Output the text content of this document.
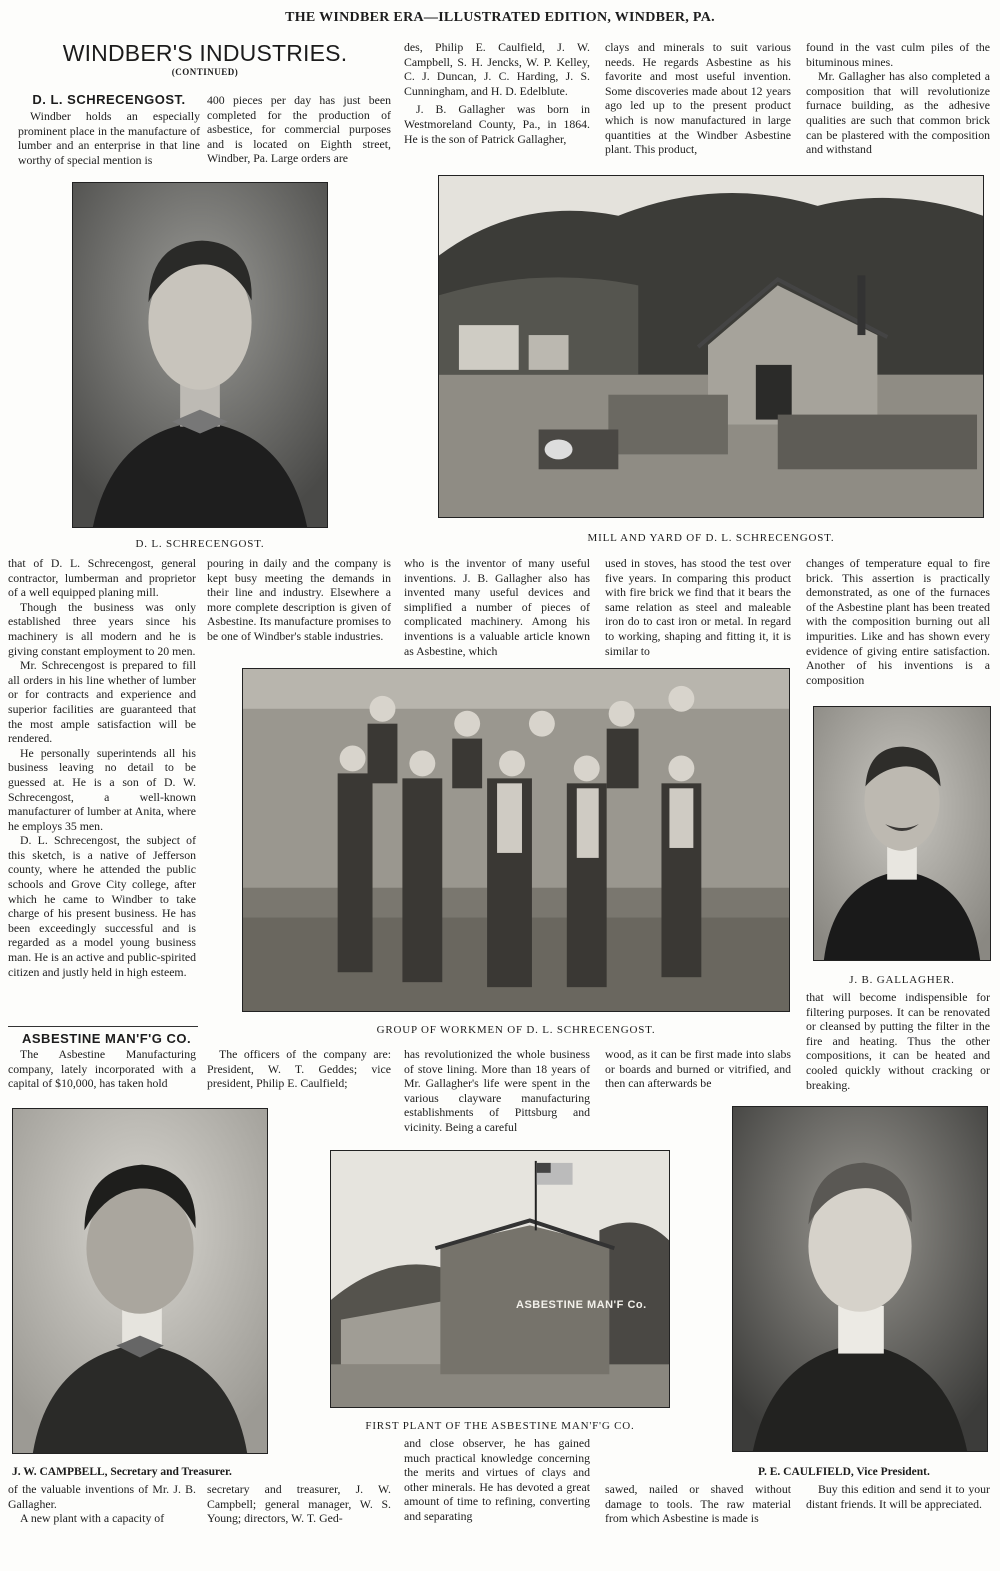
THE WINDBER ERA—ILLUSTRATED EDITION, WINDBER, PA.
WINDBER'S INDUSTRIES.
(CONTINUED)
D. L. SCHRECENGOST.

Windber holds an especially prominent place in the manufacture of lumber and an enterprise in that line worthy of special mention is

400 pieces per day has just been completed for the production of asbestice, for commercial purposes and is located on Eighth street, Windber, Pa. Large orders are

des, Philip E. Caulfield, J. W. Campbell, S. H. Jencks, W. P. Kelley, C. J. Duncan, J. C. Harding, J. S. Cunningham, and H. D. Edelblute.

J. B. Gallagher was born in Westmoreland County, Pa., in 1864. He is the son of Patrick Gallagher,

clays and minerals to suit various needs. He regards Asbestine as his favorite and most useful invention. Some discoveries made about 12 years ago led up to the present product which is now manufactured in large quantities at the Windber Asbestine plant. This product,

found in the vast culm piles of the bituminous mines.

Mr. Gallagher has also completed a composition that will revolutionize furnace building, as the adhesive qualities are such that common brick can be plastered with the composition and withstand

D. L. SCHRECENGOST.	MILL AND YARD OF D. L. SCHRECENGOST.

that of D. L. Schrecengost, general contractor, lumberman and proprietor of a well equipped planing mill.

Though the business was only established three years since his machinery is all modern and he is giving constant employment to 20 men.

Mr. Schrecengost is prepared to fill all orders in his line whether of lumber or for contracts and experience and superior facilities are guaranteed that the most ample satisfaction will be rendered.

He personally superintends all his business leaving no detail to be guessed at. He is a son of D. W. Schrecengost, a well-known manufacturer of lumber at Anita, where he employs 35 men.

D. L. Schrecengost, the subject of this sketch, is a native of Jefferson county, where he attended the public schools and Grove City college, after which he came to Windber to take charge of his present business. He has been exceedingly successful and is regarded as a model young business man. He is an active and public-spirited citizen and justly held in high esteem.

pouring in daily and the company is kept busy meeting the demands in their line and industry. Elsewhere a more complete description is given of Asbestine. Its manufacture promises to be one of Windber's stable industries.

who is the inventor of many useful inventions. J. B. Gallagher also has invented many useful devices and simplified a number of pieces of complicated machinery. Among his inventions is a valuable article known as Asbestine, which

used in stoves, has stood the test over five years. In comparing this product with fire brick we find that it bears the same relation as steel and maleable iron do to cast iron or metal. In regard to working, shaping and fitting it, it is similar to

changes of temperature equal to fire brick. This assertion is practically demonstrated, as one of the furnaces of the Asbestine plant has been treated with the composition burning out all impurities. Like and has shown every evidence of giving entire satisfaction. Another of his inventions is a composition

GROUP OF WORKMEN OF D. L. SCHRECENGOST.
J. B. GALLAGHER.

that will become indispensible for filtering purposes. It can be renovated or cleansed by putting the filter in the fire and heating. Thus the other compositions, it can be heated and cooled quickly without cracking or breaking.

ASBESTINE MAN'F'G CO.

The Asbestine Manufacturing company, lately incorporated with a capital of $10,000, has taken hold

The officers of the company are: President, W. T. Geddes; vice president, Philip E. Caulfield;

has revolutionized the whole business of stove lining. More than 18 years of Mr. Gallagher's life were spent in the various clayware manufacturing establishments of Pittsburg and vicinity. Being a careful

wood, as it can be first made into slabs or boards and burned or vitrified, and then can afterwards be

J. W. CAMPBELL, Secretary and Treasurer.

of the valuable inventions of Mr. J. B. Gallagher.

A new plant with a capacity of

secretary and treasurer, J. W. Campbell; general manager, W. S. Young; directors, W. T. Ged-

ASBESTINE MAN'F Co.
FIRST PLANT OF THE ASBESTINE MAN'F'G CO.

and close observer, he has gained much practical knowledge concerning the merits and virtues of clays and other minerals. He has devoted a great amount of time to refining, converting and separating

P. E. CAULFIELD, Vice President.

sawed, nailed or shaved without damage to tools. The raw material from which Asbestine is made is

Buy this edition and send it to your distant friends. It will be appreciated.
